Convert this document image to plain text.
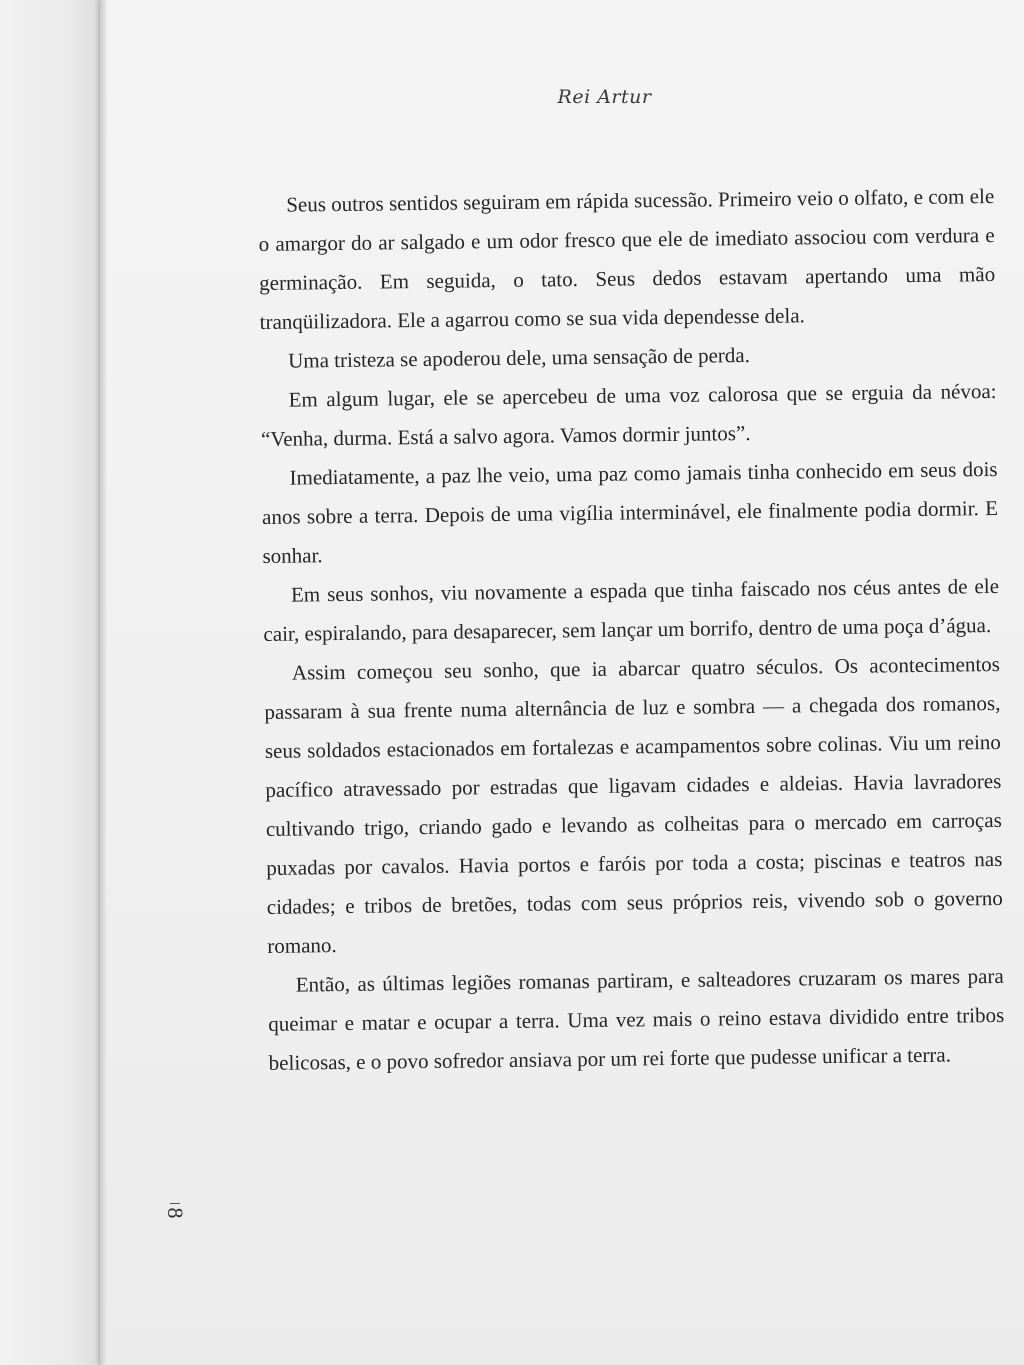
Rei Artur

Seus outros sentidos seguiram em rápida sucessão. Primeiro veio o olfato, e com ele o amargor do ar salgado e um odor fresco que ele de imediato associou com verdura e germinação. Em seguida, o tato. Seus dedos estavam apertando uma mão tranqüilizadora. Ele a agarrou como se sua vida dependesse dela.

Uma tristeza se apoderou dele, uma sensação de perda.

Em algum lugar, ele se apercebeu de uma voz calorosa que se erguia da névoa: “Venha, durma. Está a salvo agora. Vamos dormir juntos”.

Imediatamente, a paz lhe veio, uma paz como jamais tinha conhecido em seus dois anos sobre a terra. Depois de uma vigília interminável, ele finalmente podia dormir. E sonhar.

Em seus sonhos, viu novamente a espada que tinha faiscado nos céus antes de ele cair, espiralando, para desaparecer, sem lançar um borrifo, dentro de uma poça d’água.

Assim começou seu sonho, que ia abarcar quatro séculos. Os acontecimentos passaram à sua frente numa alternância de luz e sombra — a chegada dos romanos, seus soldados estacionados em fortalezas e acampamentos sobre colinas. Viu um reino pacífico atravessado por estradas que ligavam cidades e aldeias. Havia lavradores cultivando trigo, criando gado e levando as colheitas para o mercado em carroças puxadas por cavalos. Havia portos e faróis por toda a costa; piscinas e teatros nas cidades; e tribos de bretões, todas com seus próprios reis, vivendo sob o governo romano.

Então, as últimas legiões romanas partiram, e salteadores cruzaram os mares para queimar e matar e ocupar a terra. Uma vez mais o reino estava dividido entre tribos belicosas, e o povo sofredor ansiava por um rei forte que pudesse unificar a terra.

8
